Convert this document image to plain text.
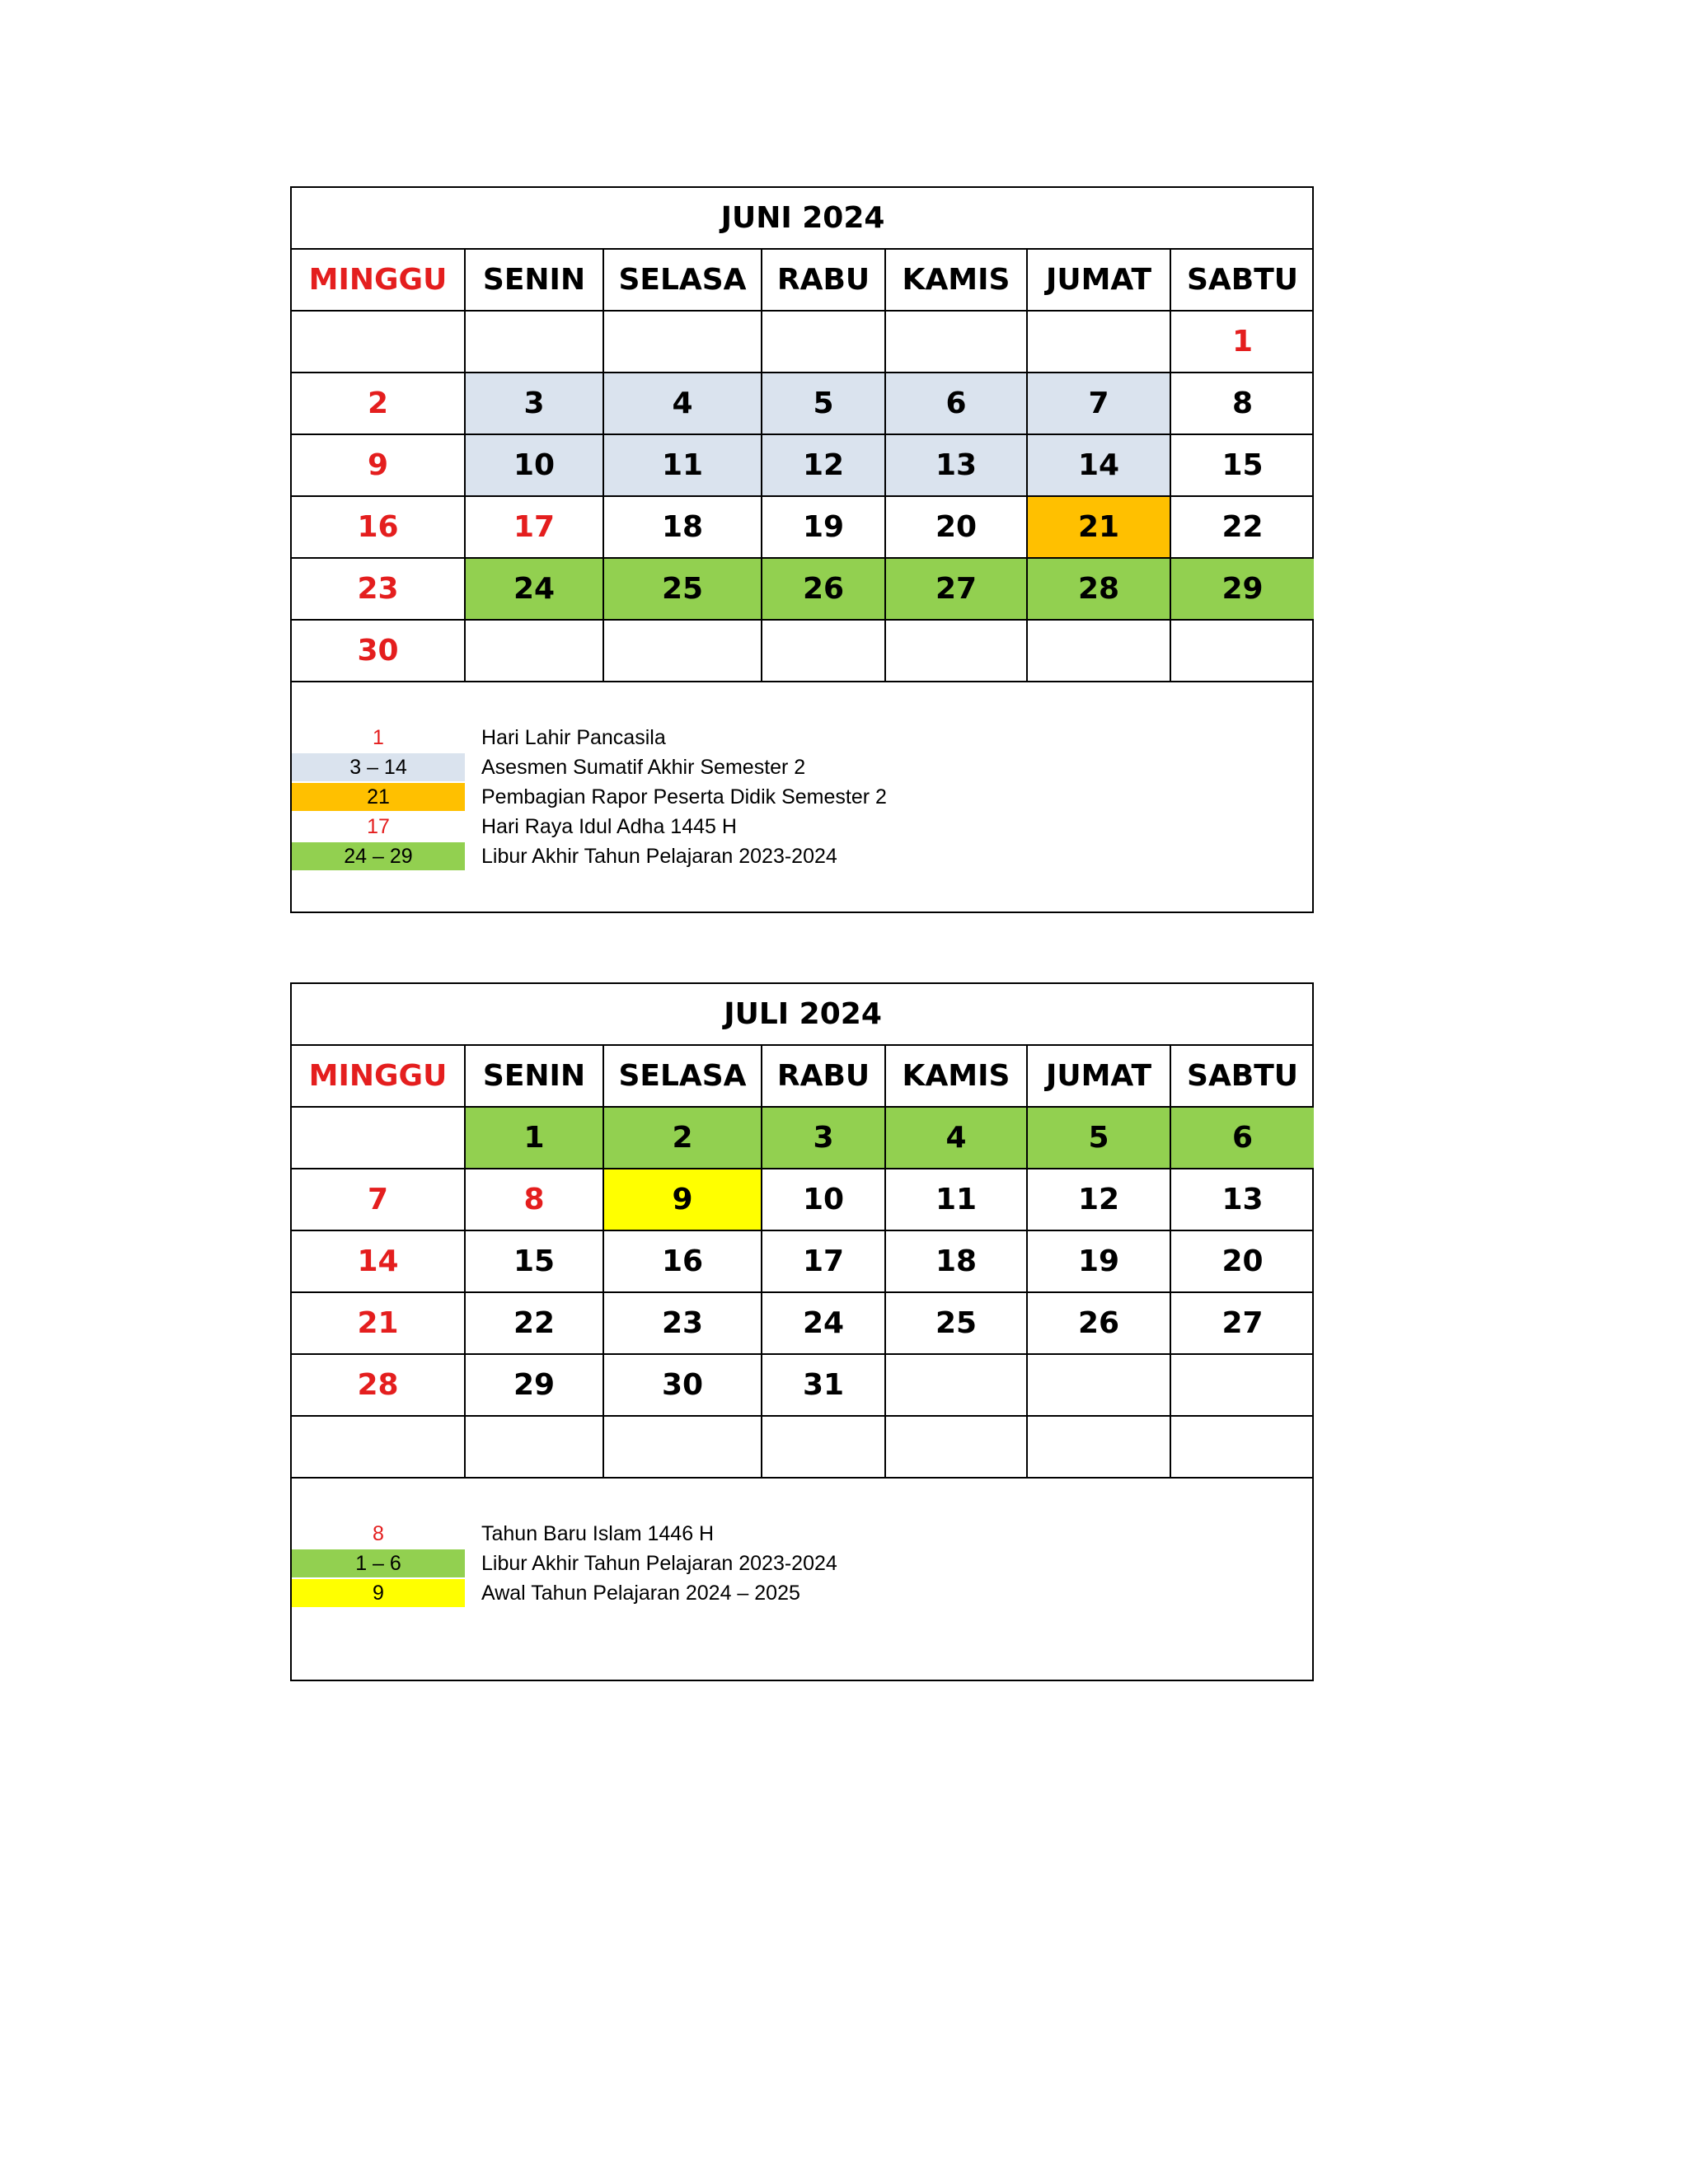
JUNI 2024						
MINGGU	SENIN	SELASA	RABU	KAMIS	JUMAT	SABTU
						1
2	3	4	5	6	7	8
9	10	11	12	13	14	15
16	17	18	19	20	21	22
23	24	25	26	27	28	29
30						
1	Hari Lahir Pancasila
3 – 14	Asesmen Sumatif Akhir Semester 2
21	Pembagian Rapor Peserta Didik Semester 2
17	Hari Raya Idul Adha 1445 H
24 – 29	Libur Akhir Tahun Pelajaran 2023-2024
JULI 2024						
MINGGU	SENIN	SELASA	RABU	KAMIS	JUMAT	SABTU
	1	2	3	4	5	6
7	8	9	10	11	12	13
14	15	16	17	18	19	20
21	22	23	24	25	26	27
28	29	30	31			

8	Tahun Baru Islam 1446 H
1 – 6	Libur Akhir Tahun Pelajaran 2023-2024
9	Awal Tahun Pelajaran 2024 – 2025
